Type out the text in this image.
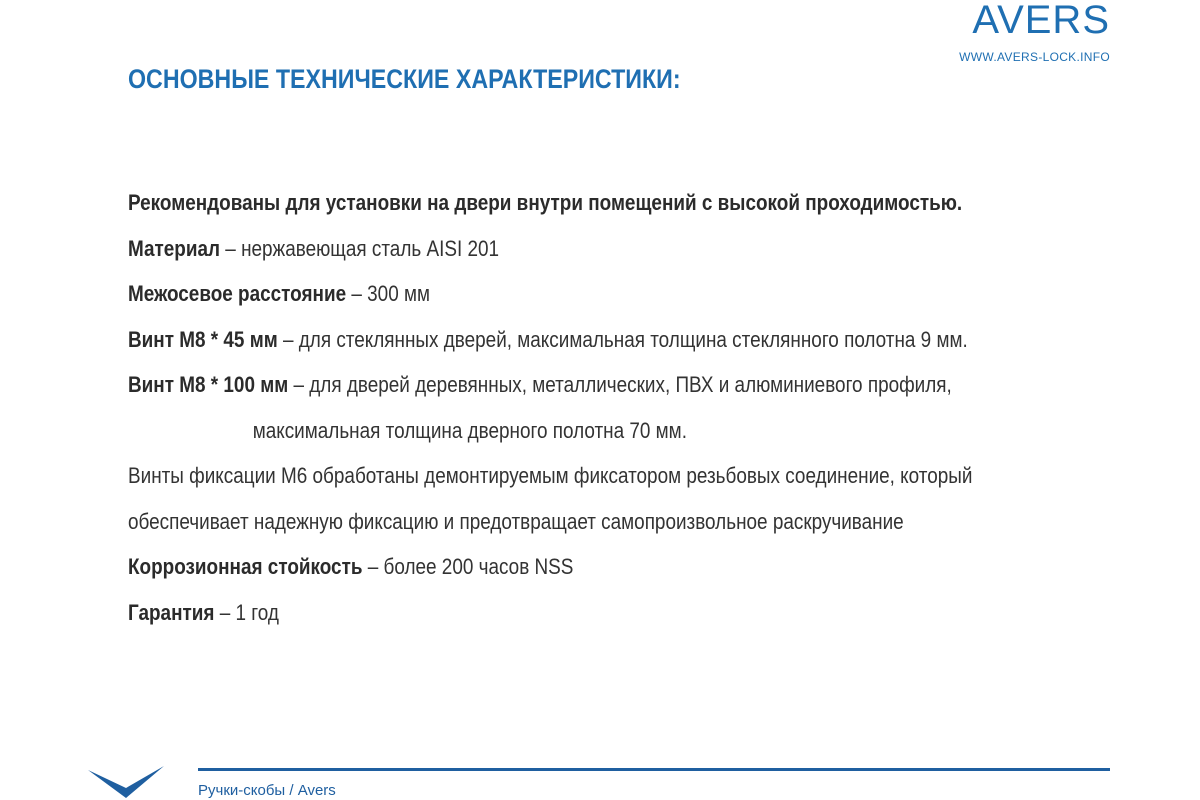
AVERS
WWW.AVERS-LOCK.INFO
ОСНОВНЫЕ ТЕХНИЧЕСКИЕ ХАРАКТЕРИСТИКИ:
Рекомендованы для установки на двери внутри помещений с высокой проходимостью.
Материал – нержавеющая сталь AISI 201
Межосевое расстояние – 300 мм
Винт М8 * 45 мм – для стеклянных дверей, максимальная толщина стеклянного полотна 9 мм.
Винт М8 * 100 мм – для дверей деревянных, металлических, ПВХ и алюминиевого профиля,
максимальная толщина дверного полотна 70 мм.
Винты фиксации М6 обработаны демонтируемым фиксатором резьбовых соединение, который
обеспечивает надежную фиксацию и предотвращает самопроизвольное раскручивание
Коррозионная стойкость – более 200 часов NSS
Гарантия – 1 год
Ручки-скобы / Avers
